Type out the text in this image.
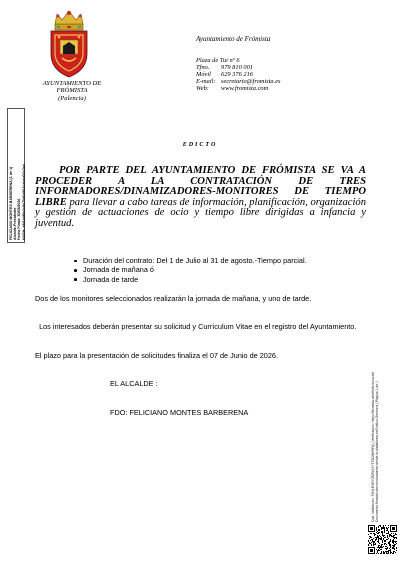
AYUNTAMIENTO DE
FRÓMISTA
(Palencia)
Ayuntamiento de Frómista
Plaza de Tui nº 6
Tfno. 979 810 001
Móvil 629 376 216
E-mail: secretario@fromista.es
Web: www.fromista.com
FELICIANO MONTES BARBERENA (1 de 1) Alcalde-Presidente Fecha Firma: 30/05/2026 HASH: e8f1b4f5e2c8a75d6e9b2cabed03c2a4
EDICTO
POR PARTE DEL AYUNTAMIENTO DE FRÓMISTA SE VA A PROCEDER A LA CONTRATACIÓN DE TRES INFORMADORES/DINAMIZADORES-MONITORES DE TIEMPO LIBRE para llevar a cabo tareas de información, planificación, organización y gestión de actuaciones de ocio y tiempo libre dirigidas a infancia y juventud.
Duración del contrato: Del 1 de Julio al 31 de agosto.-Tiempo parcial.
Jornada de mañana ó
Jornada de tarde
Dos de los monitores seleccionados realizarán la jornada de mañana, y uno de tarde.
Los interesados deberán presentar su solicitud y Currículum Vitae en el registro del Ayuntamiento.
El plazo para la presentación de solicitudes finaliza el 07 de Junio de 2026.
EL ALCALDE :
FDO: FELICIANO MONTES BARBERENA	Cód. Validación: 7SHLEXRYZDRCHYT73CMKRFQ | Verificación: https://fromista.sedelectronica.es/ Documento firmado electrónicamente desde la plataforma esPublico Gestiona | Página 1 de 1
